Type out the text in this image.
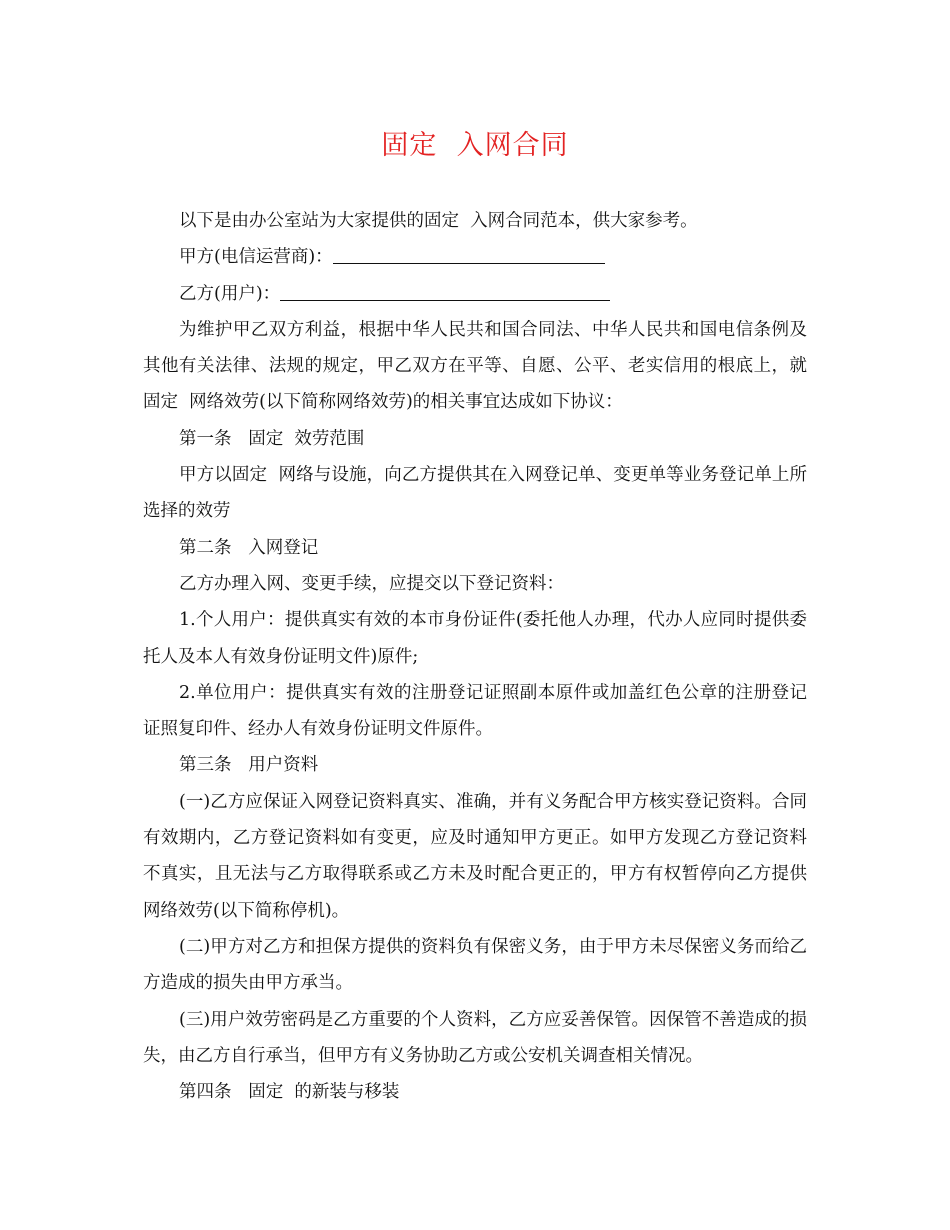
固定  入网合同

以下是由办公室站为大家提供的固定  入网合同范本，供大家参考。

甲方(电信运营商)：

乙方(用户)：

为维护甲乙双方利益，根据中华人民共和国合同法、中华人民共和国电信条例及其他有关法律、法规的规定，甲乙双方在平等、自愿、公平、老实信用的根底上，就固定  网络效劳(以下简称网络效劳)的相关事宜达成如下协议：

第一条   固定  效劳范围

甲方以固定  网络与设施，向乙方提供其在入网登记单、变更单等业务登记单上所选择的效劳

第二条   入网登记

乙方办理入网、变更手续，应提交以下登记资料：

1.个人用户：提供真实有效的本市身份证件(委托他人办理，代办人应同时提供委托人及本人有效身份证明文件)原件;

2.单位用户：提供真实有效的注册登记证照副本原件或加盖红色公章的注册登记证照复印件、经办人有效身份证明文件原件。

第三条   用户资料

(一)乙方应保证入网登记资料真实、准确，并有义务配合甲方核实登记资料。合同有效期内，乙方登记资料如有变更，应及时通知甲方更正。如甲方发现乙方登记资料不真实，且无法与乙方取得联系或乙方未及时配合更正的，甲方有权暂停向乙方提供网络效劳(以下简称停机)。

(二)甲方对乙方和担保方提供的资料负有保密义务，由于甲方未尽保密义务而给乙方造成的损失由甲方承当。

(三)用户效劳密码是乙方重要的个人资料，乙方应妥善保管。因保管不善造成的损失，由乙方自行承当，但甲方有义务协助乙方或公安机关调查相关情况。

第四条   固定  的新装与移装
